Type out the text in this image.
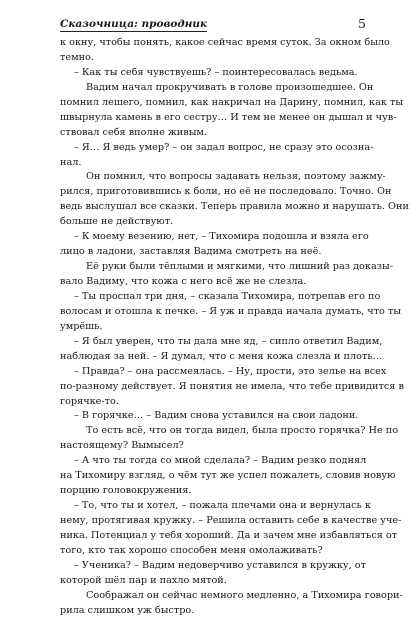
Сказочница: проводник	5
к окну, чтобы понять, какое сейчас время суток. За окном было
темно.
– Как ты себя чувствуешь? – поинтересовалась ведьма.
Вадим начал прокручивать в голове произошедшее. Он
помнил лешего, помнил, как накричал на Дарину, помнил, как ты
швырнула камень в его сестру… И тем не менее он дышал и чув-
ствовал себя вполне живым.
– Я… Я ведь умер? – он задал вопрос, не сразу это осозна-
нал.
Он помнил, что вопросы задавать нельзя, поэтому зажму-
рился, приготовившись к боли, но её не последовало. Точно. Он
ведь выслушал все сказки. Теперь правила можно и нарушать. Они
больше не действуют.
– К моему везению, нет, – Тихомира подошла и взяла его
лицо в ладони, заставляя Вадима смотреть на неё.
Её руки были тёплыми и мягкими, что лишний раз доказы-
вало Вадиму, что кожа с него всё же не слезла.
– Ты проспал три дня, – сказала Тихомира, потрепав его по
волосам и отошла к печке. – Я уж и правда начала думать, что ты
умрёшь.
– Я был уверен, что ты дала мне яд, – сипло ответил Вадим,
наблюдая за ней. – Я думал, что с меня кожа слезла и плоть…
– Правда? – она рассмеялась. – Ну, прости, это зелье на всех
по-разному действует. Я понятия не имела, что тебе привидится в
горячке-то.
– В горячке… – Вадим снова уставился на свои ладони.
То есть всё, что он тогда видел, была просто горячка? Не по
настоящему? Вымысел?
– А что ты тогда со мной сделала? – Вадим резко поднял
на Тихомиру взгляд, о чём тут же успел пожалеть, словив новую
порцию головокружения.
– То, что ты и хотел, – пожала плечами она и вернулась к
нему, протягивая кружку. – Решила оставить себе в качестве уче-
ника. Потенциал у тебя хороший. Да и зачем мне избавляться от
того, кто так хорошо способен меня омолаживать?
– Ученика? – Вадим недоверчиво уставился в кружку, от
которой шёл пар и пахло мятой.
Соображал он сейчас немного медленно, а Тихомира говори-
рила слишком уж быстро.
